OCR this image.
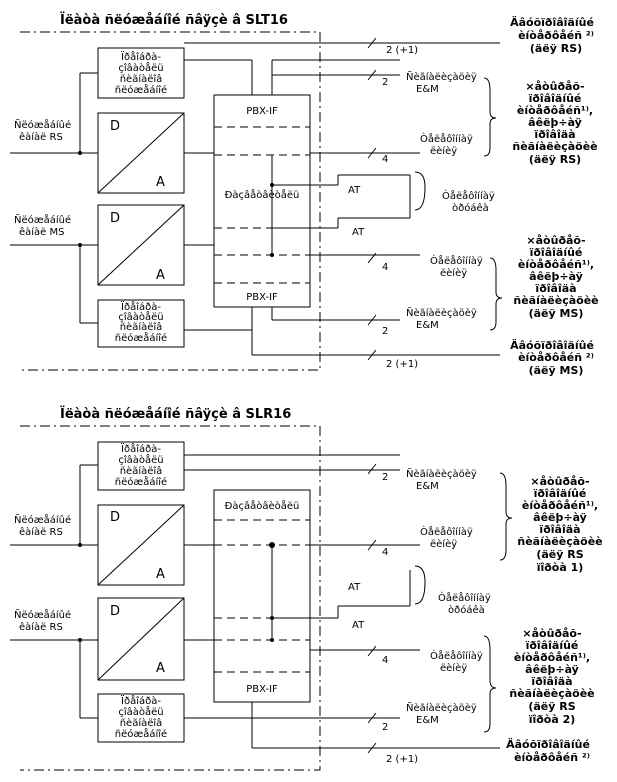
Ïëàòà ñëóæåáíîé ñâÿçè â SLT16
Ïðåîáðà-
çîâàòåëü
ñèãíàëîâ
ñëóæåáíîé
D
A
D
A
Ïðåîáðà-
çîâàòåëü
ñèãíàëîâ
ñëóæåáíîé
Ñëóæåáíûé
êàíàë RS
Ñëóæåáíûé
êàíàë MS
PBX-IF
Ðàçâåòâèòåëü
PBX-IF
2 (+1)
2 Ñèãíàëèçàöèÿ
E&M
4
Òåëåôîííàÿ
ëèíèÿ
AT
AT
Òåëåôîííàÿ
òðóáêà
4
Òåëåôîííàÿ
ëèíèÿ
2
Ñèãíàëèçàöèÿ
E&M
2 (+1)
Äâóõïðîâîäíûé
èíòåðôåéñ ²⁾
(äëÿ RS)
×åòûðåõ-
ïðîâîäíûé
èíòåðôåéñ¹⁾,
âêëþ÷àÿ
ïðîâîäà
ñèãíàëèçàöèè
(äëÿ RS)
×åòûðåõ-
ïðîâîäíûé
èíòåðôåéñ¹⁾,
âêëþ÷àÿ
ïðîâîäà
ñèãíàëèçàöèè
(äëÿ MS)
Äâóõïðîâîäíûé
èíòåðôåéñ ²⁾
(äëÿ MS)
Ïëàòà ñëóæåáíîé ñâÿçè â SLR16
Ïðåîáðà-
çîâàòåëü
ñèãíàëîâ
ñëóæåáíîé
D
A
D
A
Ïðåîáðà-
çîâàòåëü
ñèãíàëîâ
ñëóæåáíîé
Ñëóæåáíûé
êàíàë RS
Ñëóæåáíûé
êàíàë RS
Ðàçâåòâèòåëü
PBX-IF
2 Ñèãíàëèçàöèÿ
E&M
4
Òåëåôîííàÿ
ëèíèÿ
AT
AT
Òåëåôîííàÿ
òðóáêà
4	Òåëåôîííàÿ
ëèíèÿ
2
Ñèãíàëèçàöèÿ
E&M
2 (+1)
×åòûðåõ-
ïðîâîäíûé
èíòåðôåéñ¹⁾,
âêëþ÷àÿ
ïðîâîäà
ñèãíàëèçàöèè
(äëÿ RS
ïîðòà 1)
×åòûðåõ-
ïðîâîäíûé
èíòåðôåéñ¹⁾,
âêëþ÷àÿ
ïðîâîäà
ñèãíàëèçàöèè
(äëÿ RS
ïîðòà 2)
Äâóõïðîâîäíûé
èíòåðôåéñ ²⁾
